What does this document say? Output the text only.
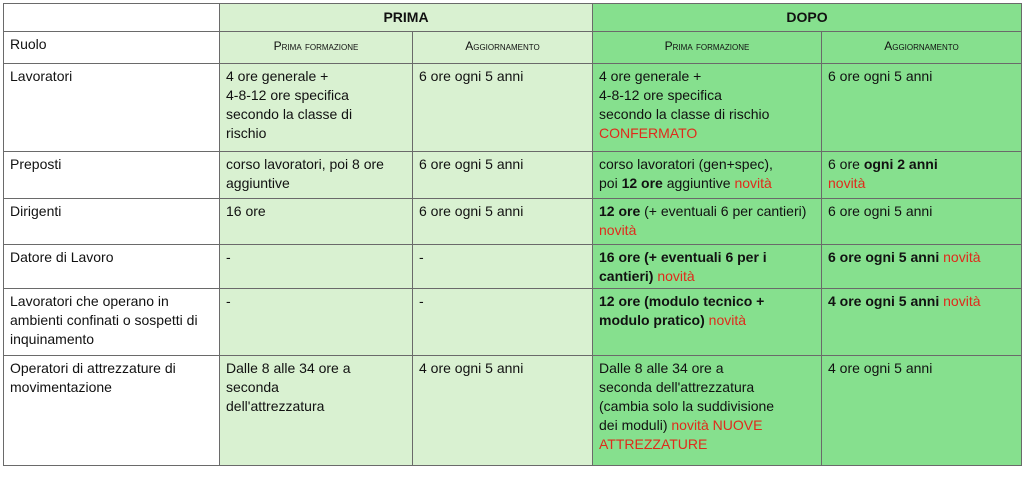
	PRIMA		DOPO	
Ruolo	Prima formazione	Aggiornamento	Prima formazione	Aggiornamento
Lavoratori	4 ore generale +
4-8-12 ore specifica
secondo la classe di
rischio	6 ore ogni 5 anni	4 ore generale +
4-8-12 ore specifica
secondo la classe di rischio
CONFERMATO	6 ore ogni 5 anni
Preposti	corso lavoratori, poi 8 ore aggiuntive	6 ore ogni 5 anni	corso lavoratori (gen+spec),
poi 12 ore aggiuntive novità	6 ore ogni 2 anni
novità
Dirigenti	16 ore	6 ore ogni 5 anni	12 ore (+ eventuali 6 per cantieri) novità	6 ore ogni 5 anni
Datore di Lavoro	-	-	16 ore (+ eventuali 6 per i cantieri) novità	6 ore ogni 5 anni novità
Lavoratori che operano in ambienti confinati o sospetti di inquinamento	-	-	12 ore (modulo tecnico + modulo pratico) novità	4 ore ogni 5 anni novità
Operatori di attrezzature di movimentazione	Dalle 8 alle 34 ore a
seconda
dell'attrezzatura	4 ore ogni 5 anni	Dalle 8 alle 34 ore a
seconda dell'attrezzatura
(cambia solo la suddivisione
dei moduli) novità NUOVE
ATTREZZATURE	4 ore ogni 5 anni
